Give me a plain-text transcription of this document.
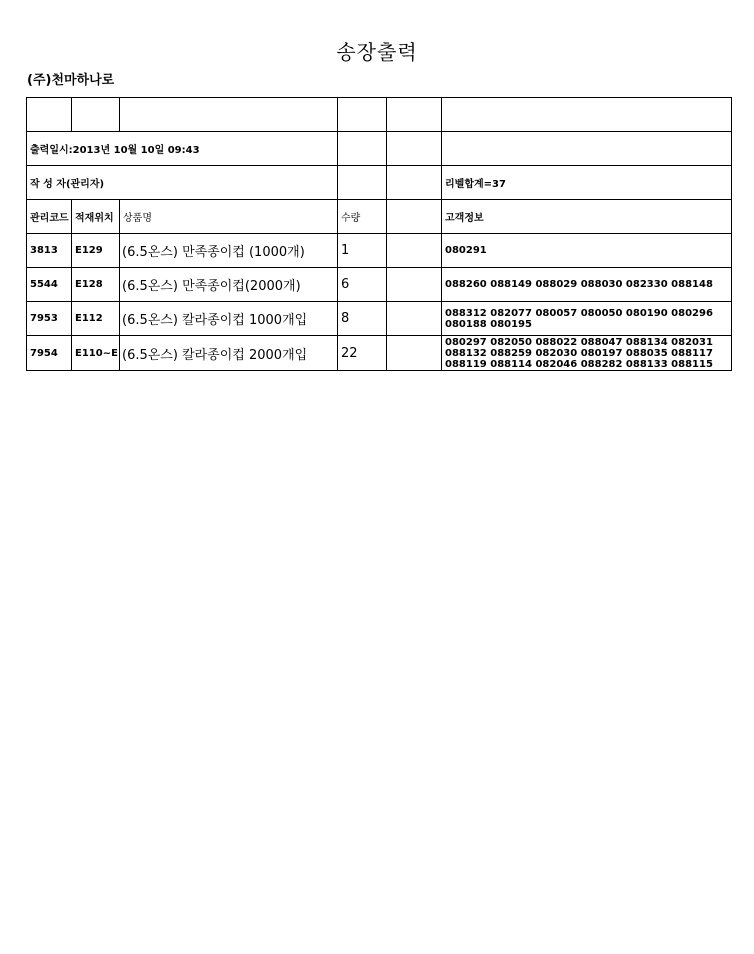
송장출력
(주)천마하나로

출력일시:2013년 10월 10일 09:43					
작 성 자(관리자)					리벨합계=37
관리코드	적재위치	상품명	수량		고객정보
3813	E129	(6.5온스) 만족종이컵 (1000개)	1		080291

5544	E128	(6.5온스) 만족종이컵(2000개)	6		088260 088149 088029 088030 082330 088148

7953	E112	(6.5온스) 칼라종이컵 1000개입	8		088312 082077 080057 080050 080190 080296 080188 080195

7954	E110~E	(6.5온스) 칼라종이컵 2000개입	22		080297 082050 088022 088047 088134 082031 088132 088259 082030 080197 088035 088117 088119 088114 082046 088282 088133 088115
